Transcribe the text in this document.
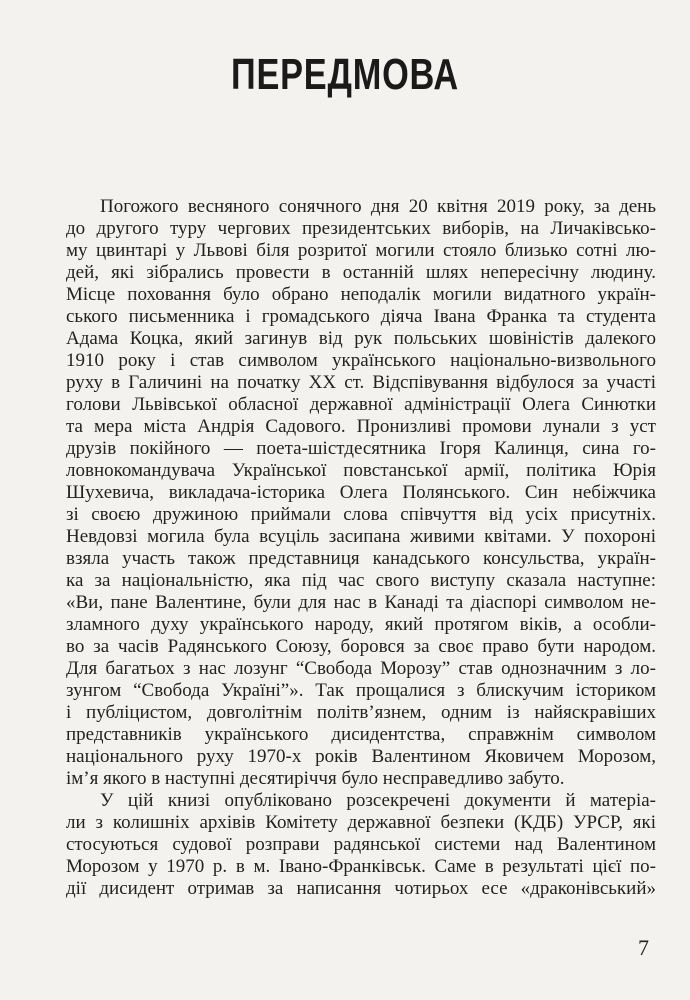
ПЕРЕДМОВА
Погожого весняного сонячного дня 20 квітня 2019 року, за день
до другого туру чергових президентських виборів, на Личаківсько-
му цвинтарі у Львові біля розритої могили стояло близько сотні лю-
дей, які зібрались провести в останній шлях непересічну людину.
Місце поховання було обрано неподалік могили видатного україн-
ського письменника і громадського діяча Івана Франка та студента
Адама Коцка, який загинув від рук польських шовіністів далекого
1910 року і став символом українського національно-визвольного
руху в Галичині на початку XX ст. Відспівування відбулося за участі
голови Львівської обласної державної адміністрації Олега Синютки
та мера міста Андрія Садового. Пронизливі промови лунали з уст
друзів покійного — поета-шістдесятника Ігоря Калинця, сина го-
ловнокомандувача Української повстанської армії, політика Юрія
Шухевича, викладача-історика Олега Полянського. Син небіжчика
зі своєю дружиною приймали слова співчуття від усіх присутніх.
Невдовзі могила була всуціль засипана живими квітами. У похороні
взяла участь також представниця канадського консульства, україн-
ка за національністю, яка під час свого виступу сказала наступне:
«Ви, пане Валентине, були для нас в Канаді та діаспорі символом не-
зламного духу українського народу, який протягом віків, а особли-
во за часів Радянського Союзу, боровся за своє право бути народом.
Для багатьох з нас лозунг “Свобода Морозу” став однозначним з ло-
зунгом “Свобода Україні”». Так прощалися з блискучим істориком
і публіцистом, довголітнім політв’язнем, одним із найяскравіших
представників українського дисидентства, справжнім символом
національного руху 1970-х років Валентином Яковичем Морозом,
ім’я якого в наступні десятиріччя було несправедливо забуто.
У цій книзі опубліковано розсекречені документи й матеріа-
ли з колишніх архівів Комітету державної безпеки (КДБ) УРСР, які
стосуються судової розправи радянської системи над Валентином
Морозом у 1970 р. в м. Івано-Франківськ. Саме в результаті цієї по-
дії дисидент отримав за написання чотирьох есе «драконівський»
7
